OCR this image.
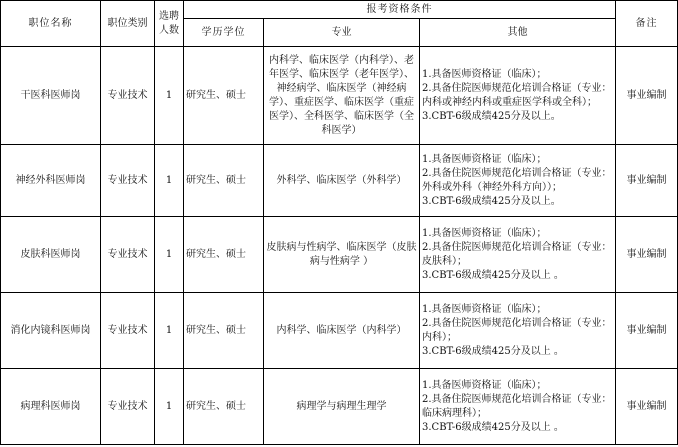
职位名称	职位类别	选聘人数	报考资格条件			备注
			学历学位	专业	其他	
干医科医师岗	专业技术	1	研究生、硕士	内科学、临床医学（内科学）、老年医学、临床医学（老年医学）、神经病学、临床医学（神经病学）、重症医学、临床医学（重症医学）、全科医学、临床医学（全科医学）	1.具备医师资格证（临床）；
2.具备住院医师规范化培训合格证（专业：内科或神经内科或重症医学科或全科）；
3.CBT-6级成绩425分及以上。	事业编制
神经外科医师岗	专业技术	1	研究生、硕士	外科学、临床医学（外科学）	1.具备医师资格证（临床）；
2.具备住院医师规范化培训合格证（专业：外科或外科（神经外科方向））；
3.CBT-6级成绩425分及以上。	事业编制
皮肤科医师岗	专业技术	1	研究生、硕士	皮肤病与性病学、临床医学（皮肤病与性病学 ）	1.具备医师资格证（临床）；
2.具备住院医师规范化培训合格证（专业：皮肤科）；
3.CBT-6级成绩425分及以上 。	事业编制
消化内镜科医师岗	专业技术	1	研究生、硕士	内科学、临床医学（内科学）	1.具备医师资格证（临床）；
2.具备住院医师规范化培训合格证（专业：内科）；
3.CBT-6级成绩425分及以上 。	事业编制
病理科医师岗	专业技术	1	研究生、硕士	病理学与病理生理学	1.具备医师资格证（临床）；
2.具备住院医师规范化培训合格证（专业：临床病理科）；
3.CBT-6级成绩425分及以上 。	事业编制
